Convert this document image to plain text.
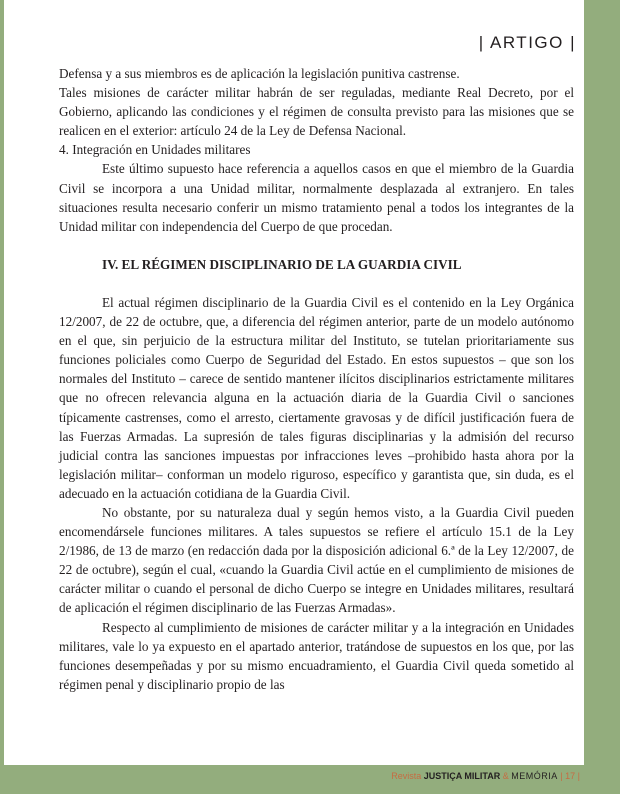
| ARTIGO |

Defensa y a sus miembros es de aplicación la legislación punitiva castrense.

Tales misiones de carácter militar habrán de ser reguladas, mediante Real Decreto, por el Gobierno, aplicando las condiciones y el régimen de consulta previsto para las misiones que se realicen en el exterior: artículo 24 de la Ley de Defensa Nacional.

4. Integración en Unidades militares

Este último supuesto hace referencia a aquellos casos en que el miembro de la Guardia Civil se incorpora a una Unidad militar, normalmente desplazada al extranjero. En tales situaciones resulta necesario conferir un mismo tratamiento penal a todos los integrantes de la Unidad militar con independencia del Cuerpo de que procedan.

IV. EL RÉGIMEN DISCIPLINARIO DE LA GUARDIA CIVIL

El actual régimen disciplinario de la Guardia Civil es el contenido en la Ley Orgánica 12/2007, de 22 de octubre, que, a diferencia del régimen anterior, parte de un modelo autónomo en el que, sin perjuicio de la estructura militar del Instituto, se tutelan prioritariamente sus funciones policiales como Cuerpo de Seguridad del Estado. En estos supuestos – que son los normales del Instituto – carece de sentido mantener ilícitos disciplinarios estrictamente militares que no ofrecen relevancia alguna en la actuación diaria de la Guardia Civil o sanciones típicamente castrenses, como el arresto, ciertamente gravosas y de difícil justificación fuera de las Fuerzas Armadas. La supresión de tales figuras disciplinarias y la admisión del recurso judicial contra las sanciones impuestas por infracciones leves –prohibido hasta ahora por la legislación militar– conforman un modelo riguroso, específico y garantista que, sin duda, es el adecuado en la actuación cotidiana de la Guardia Civil.

No obstante, por su naturaleza dual y según hemos visto, a la Guardia Civil pueden encomendársele funciones militares. A tales supuestos se refiere el artículo 15.1 de la Ley 2/1986, de 13 de marzo (en redacción dada por la disposición adicional 6.ª de la Ley 12/2007, de 22 de octubre), según el cual, «cuando la Guardia Civil actúe en el cumplimiento de misiones de carácter militar o cuando el personal de dicho Cuerpo se integre en Unidades militares, resultará de aplicación el régimen disciplinario de las Fuerzas Armadas».

Respecto al cumplimiento de misiones de carácter militar y a la integración en Unidades militares, vale lo ya expuesto en el apartado anterior, tratándose de supuestos en los que, por las funciones desempeñadas y por su mismo encuadramiento, el Guardia Civil queda sometido al régimen penal y disciplinario propio de las

Revista JUSTIÇA MILITAR & MEMÓRIA | 17 |
